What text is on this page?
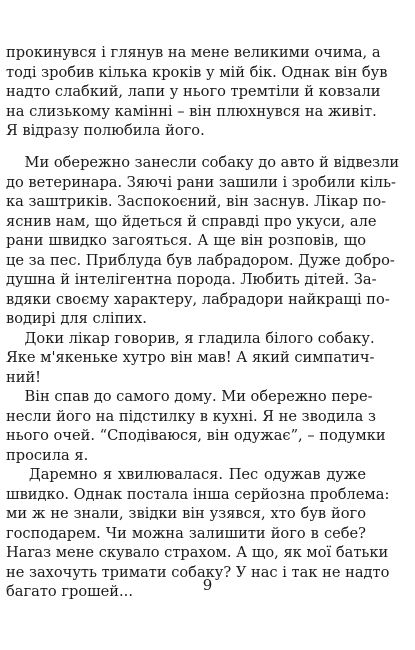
прокинувся і глянув на мене великими очима, а
тоді зробив кілька кроків у мій бік. Однак він був
надто слабкий, лапи у нього тремтіли й ковзали
на слизькому камінні – він плюхнувся на живіт.
Я відразу полюбила його.
Ми обережно занесли собаку до авто й відвезли
до ветеринара. Зяючі рани зашили і зробили кіль-
ка заштриків. Заспокоєний, він заснув. Лікар по-
яснив нам, що йдеться й справді про укуси, але
рани швидко загояться. А ще він розповів, що
це за пес. Приблуда був лабрадором. Дуже добро-
душна й інтелігентна порода. Любить дітей. За-
вдяки своєму характеру, лабрадори найкращі по-
водирі для сліпих.
Доки лікар говорив, я гладила білого собаку.
Яке м'якеньке хутро він мав! А який симпатич-
ний!
Він спав до самого дому. Ми обережно пере-
несли його на підстилку в кухні. Я не зводила з
нього очей. “Сподіваюся, він одужає”, – подумки
просила я.
Даремно я хвилювалася. Пес одужав дуже
швидко. Однак постала інша серйозна проблема:
ми ж не знали, звідки він узявся, хто був його
господарем. Чи можна залишити його в себе?
Наraз мене скувало страхом. А що, як мої батьки
не захочуть тримати собаку? У нас і так не надто
багато грошей...	9
